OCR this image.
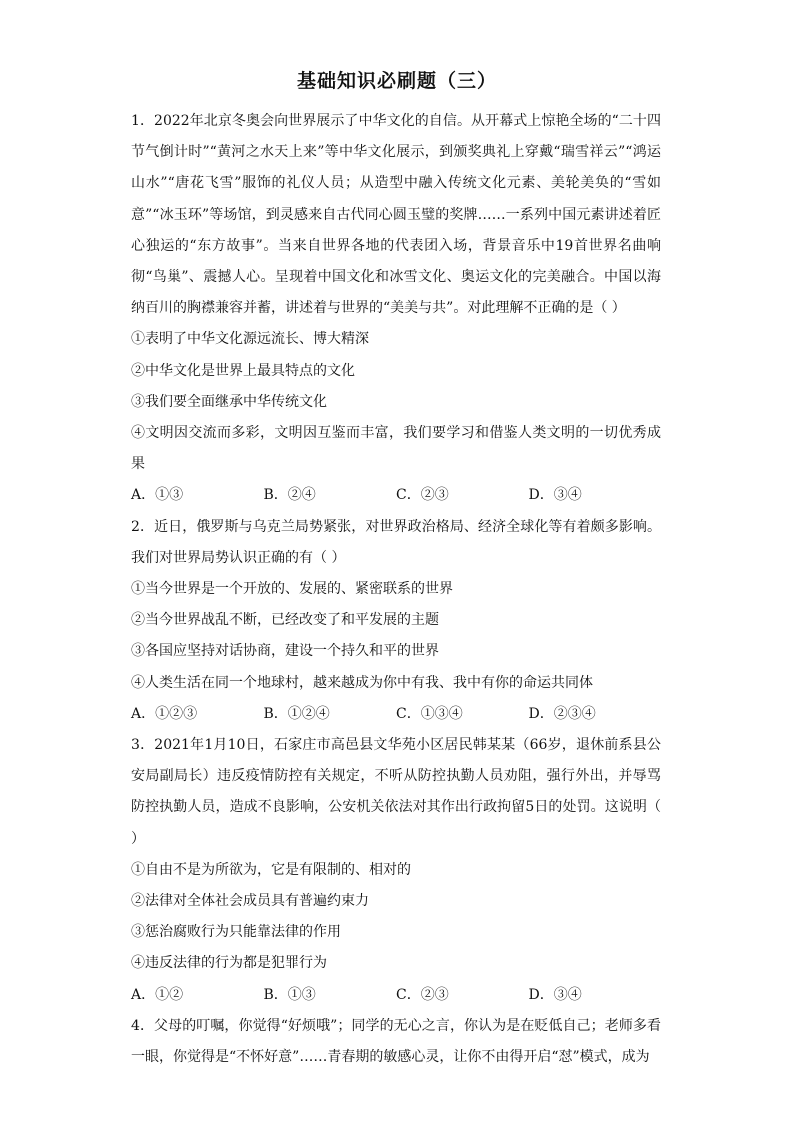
基础知识必刷题（三）

1．2022年北京冬奥会向世界展示了中华文化的自信。从开幕式上惊艳全场的“二十四节气倒计时”“黄河之水天上来”等中华文化展示，到颁奖典礼上穿戴“瑞雪祥云”“鸿运山水”“唐花飞雪”服饰的礼仪人员；从造型中融入传统文化元素、美轮美奂的“雪如意”“冰玉环”等场馆，到灵感来自古代同心圆玉璧的奖牌……一系列中国元素讲述着匠心独运的“东方故事”。当来自世界各地的代表团入场，背景音乐中19首世界名曲响彻“鸟巢”、震撼人心。呈现着中国文化和冰雪文化、奥运文化的完美融合。中国以海纳百川的胸襟兼容并蓄，讲述着与世界的“美美与共”。对此理解不正确的是（ ）

①表明了中华文化源远流长、博大精深

②中华文化是世界上最具特点的文化

③我们要全面继承中华传统文化

④文明因交流而多彩，文明因互鉴而丰富，我们要学习和借鉴人类文明的一切优秀成果

A．①③	B．②④	C．②③	D．③④

2．近日，俄罗斯与乌克兰局势紧张，对世界政治格局、经济全球化等有着颇多影响。我们对世界局势认识正确的有（ ）

①当今世界是一个开放的、发展的、紧密联系的世界

②当今世界战乱不断，已经改变了和平发展的主题

③各国应坚持对话协商，建设一个持久和平的世界

④人类生活在同一个地球村，越来越成为你中有我、我中有你的命运共同体

A．①②③	B．①②④	C．①③④	D．②③④

3．2021年1月10日，石家庄市高邑县文华苑小区居民韩某某（66岁，退休前系县公安局副局长）违反疫情防控有关规定，不听从防控执勤人员劝阻，强行外出，并辱骂防控执勤人员，造成不良影响，公安机关依法对其作出行政拘留5日的处罚。这说明（ ）

①自由不是为所欲为，它是有限制的、相对的

②法律对全体社会成员具有普遍约束力

③惩治腐败行为只能靠法律的作用

④违反法律的行为都是犯罪行为

A．①②	B．①③	C．②③	D．③④

4．父母的叮嘱，你觉得“好烦哦”；同学的无心之言，你认为是在贬低自己；老师多看一眼，你觉得是“不怀好意”……青春期的敏感心灵，让你不由得开启“怼”模式，成为
